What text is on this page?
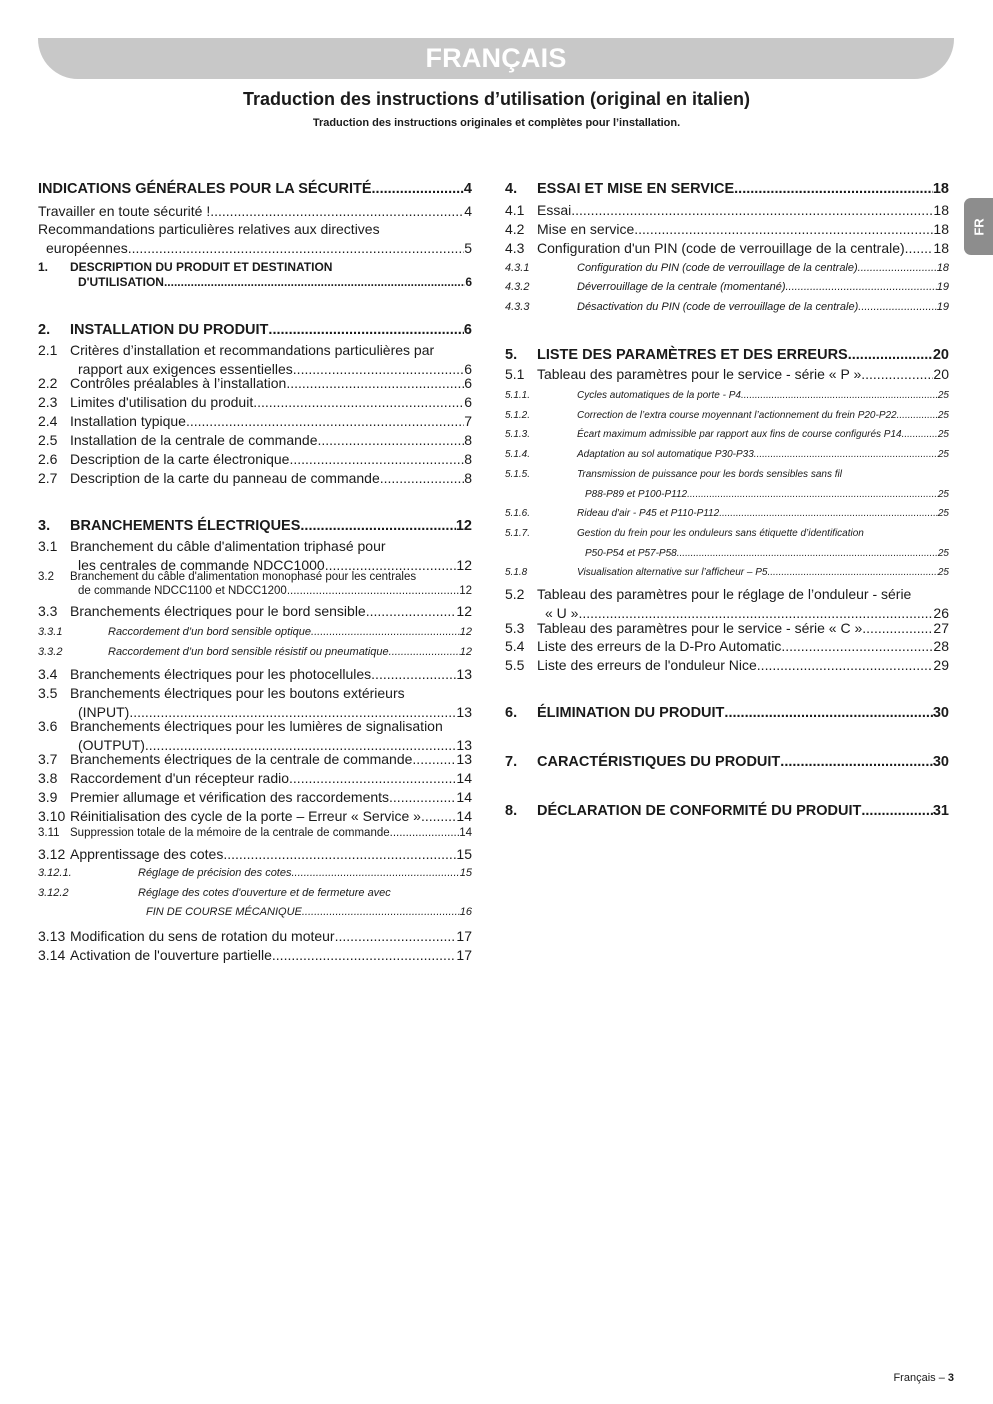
FRANÇAIS
Traduction des instructions d’utilisation (original en italien)
Traduction des instructions originales et complètes pour l’installation.
FR
INDICATIONS GÉNÉRALES POUR LA SÉCURITÉ .....	4
Travailler en toute sécurité ! .....	4
Recommandations particulières relatives aux directives
européennes .....	5
1.	DESCRIPTION DU PRODUIT ET DESTINATION
D'UTILISATION .....	6
2.	INSTALLATION DU PRODUIT .....	6
2.1 Critères d’installation et recommandations particulières par
rapport aux exigences essentielles .....	6
2.2 Contrôles préalables à l’installation .....	6
2.3 Limites d'utilisation du produit .....	6
2.4 Installation typique .....	7
2.5 Installation de la centrale de commande .....	8
2.6 Description de la carte électronique .....	8
2.7 Description de la carte du panneau de commande .....	8
3.	BRANCHEMENTS ÉLECTRIQUES .....	12
3.1 Branchement du câble d'alimentation triphasé pour
les centrales de commande NDCC1000 .....	12
3.2	Branchement du câble d'alimentation monophasé pour les centrales
de commande NDCC1100 et NDCC1200 .....	12
3.3 Branchements électriques pour le bord sensible .....	12
3.3.1	Raccordement d’un bord sensible optique .....	12
3.3.2	Raccordement d’un bord sensible résistif ou pneumatique .....	12
3.4 Branchements électriques pour les photocellules .....	13
3.5 Branchements électriques pour les boutons extérieurs
(INPUT) .....	13
3.6 Branchements électriques pour les lumières de signalisation
(OUTPUT) .....	13
3.7 Branchements électriques de la centrale de commande .....	13
3.8 Raccordement d'un récepteur radio .....	14
3.9 Premier allumage et vérification des raccordements .....	14
3.10 Réinitialisation des cycle de la porte – Erreur « Service » .....	14
3.11 Suppression totale de la mémoire de la centrale de commande .....	14
3.12 Apprentissage des cotes .....	15
3.12.1.	Réglage de précision des cotes .....	15
3.12.2	Réglage des cotes d'ouverture et de fermeture avec
FIN DE COURSE MÉCANIQUE .....	16
3.13 Modification du sens de rotation du moteur .....	17
3.14 Activation de l'ouverture partielle .....	17
4.	ESSAI ET MISE EN SERVICE .....	18
4.1 Essai .....	18
4.2 Mise en service .....	18
4.3 Configuration d'un PIN (code de verrouillage de la centrale) ..... 18
4.3.1	Configuration du PIN (code de verrouillage de la centrale) .....	18
4.3.2	Déverrouillage de la centrale (momentané) .....	19
4.3.3	Désactivation du PIN (code de verrouillage de la centrale) .....	19
5.	LISTE DES PARAMÈTRES ET DES ERREURS .....	20
5.1 Tableau des paramètres pour le service - série « P » .....	20
5.1.1.	Cycles automatiques de la porte - P4 .....	25
5.1.2.	Correction de l’extra course moyennant l’actionnement du frein P20-P22 .....	25
5.1.3.	Écart maximum admissible par rapport aux fins de course configurés P14 .....	25
5.1.4.	Adaptation au sol automatique P30-P33 .....	25
5.1.5.	Transmission de puissance pour les bords sensibles sans fil
P88-P89 et P100-P112 .....	25
5.1.6.	Rideau d'air - P45 et P110-P112 .....	25
5.1.7.	Gestion du frein pour les onduleurs sans étiquette d’identification
P50-P54 et P57-P58 .....	25
5.1.8	Visualisation alternative sur l’afficheur – P5 .....	25
5.2 Tableau des paramètres pour le réglage de l’onduleur - série
« U » .....	26
5.3 Tableau des paramètres pour le service - série « C » .....	27
5.4 Liste des erreurs de la D-Pro Automatic .....	28
5.5 Liste des erreurs de l'onduleur Nice .....	29
6.	ÉLIMINATION DU PRODUIT .....	30
7.	CARACTÉRISTIQUES DU PRODUIT .....	30
8.	DÉCLARATION DE CONFORMITÉ DU PRODUIT .....	31
Français – 3
